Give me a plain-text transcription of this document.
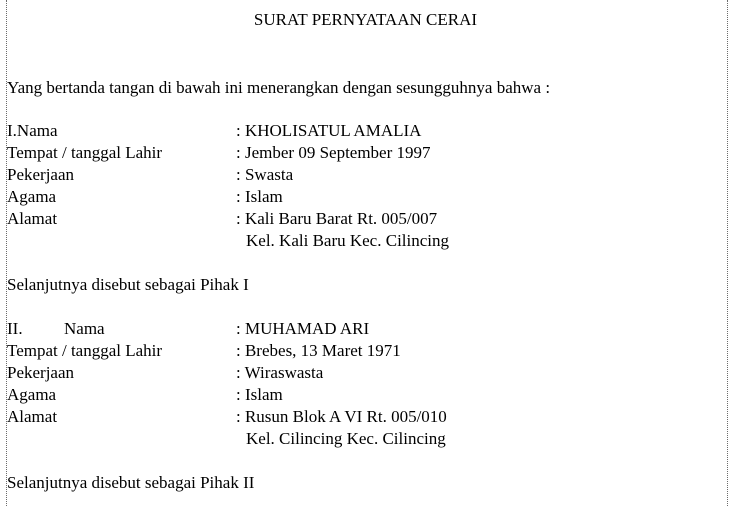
SURAT PERNYATAAN CERAI
Yang bertanda tangan di bawah ini menerangkan dengan sesungguhnya bahwa :
I.Nama	: KHOLISATUL AMALIA
Tempat / tanggal Lahir	: Jember 09 September 1997
Pekerjaan	: Swasta
Agama	: Islam
Alamat	: Kali Baru Barat Rt. 005/007
Kel. Kali Baru Kec. Cilincing
Selanjutnya disebut sebagai Pihak I
II. Nama	: MUHAMAD ARI
Tempat / tanggal Lahir	: Brebes, 13 Maret 1971
Pekerjaan	: Wiraswasta
Agama	: Islam
Alamat	: Rusun Blok A VI Rt. 005/010
Kel. Cilincing Kec. Cilincing
Selanjutnya disebut sebagai Pihak II
